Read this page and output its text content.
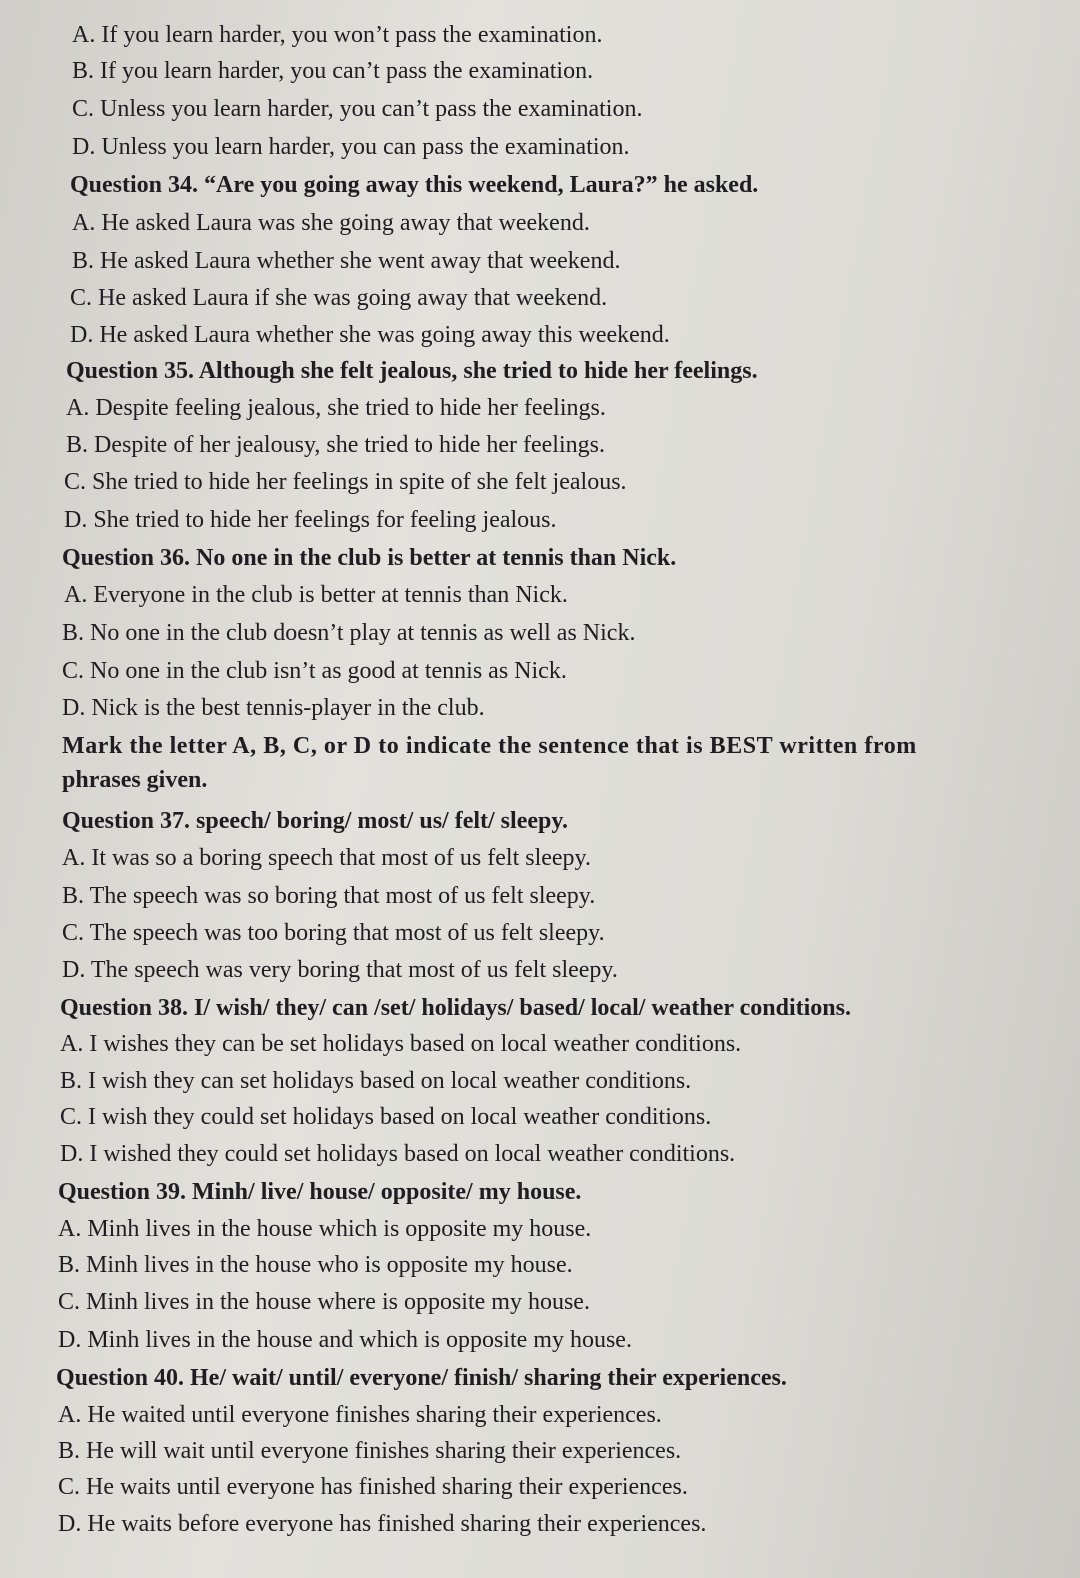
A. If you learn harder, you won’t pass the examination.
B. If you learn harder, you can’t pass the examination.
C. Unless you learn harder, you can’t pass the examination.
D. Unless you learn harder, you can pass the examination.
Question 34. “Are you going away this weekend, Laura?” he asked.
A. He asked Laura was she going away that weekend.
B. He asked Laura whether she went away that weekend.
C. He asked Laura if she was going away that weekend.
D. He asked Laura whether she was going away this weekend.
Question 35. Although she felt jealous, she tried to hide her feelings.
A. Despite feeling jealous, she tried to hide her feelings.
B. Despite of her jealousy, she tried to hide her feelings.
C. She tried to hide her feelings in spite of she felt jealous.
D. She tried to hide her feelings for feeling jealous.
Question 36. No one in the club is better at tennis than Nick.
A. Everyone in the club is better at tennis than Nick.
B. No one in the club doesn’t play at tennis as well as Nick.
C. No one in the club isn’t as good at tennis as Nick.
D. Nick is the best tennis-player in the club.
Mark the letter A, B, C, or D to indicate the sentence that is BEST written from
phrases given.
Question 37. speech/ boring/ most/ us/ felt/ sleepy.
A. It was so a boring speech that most of us felt sleepy.
B. The speech was so boring that most of us felt sleepy.
C. The speech was too boring that most of us felt sleepy.
D. The speech was very boring that most of us felt sleepy.
Question 38. I/ wish/ they/ can /set/ holidays/ based/ local/ weather conditions.
A. I wishes they can be set holidays based on local weather conditions.
B. I wish they can set holidays based on local weather conditions.
C. I wish they could set holidays based on local weather conditions.
D. I wished they could set holidays based on local weather conditions.
Question 39. Minh/ live/ house/ opposite/ my house.
A. Minh lives in the house which is opposite my house.
B. Minh lives in the house who is opposite my house.
C. Minh lives in the house where is opposite my house.
D. Minh lives in the house and which is opposite my house.
Question 40. He/ wait/ until/ everyone/ finish/ sharing their experiences.
A. He waited until everyone finishes sharing their experiences.
B. He will wait until everyone finishes sharing their experiences.
C. He waits until everyone has finished sharing their experiences.
D. He waits before everyone has finished sharing their experiences.
